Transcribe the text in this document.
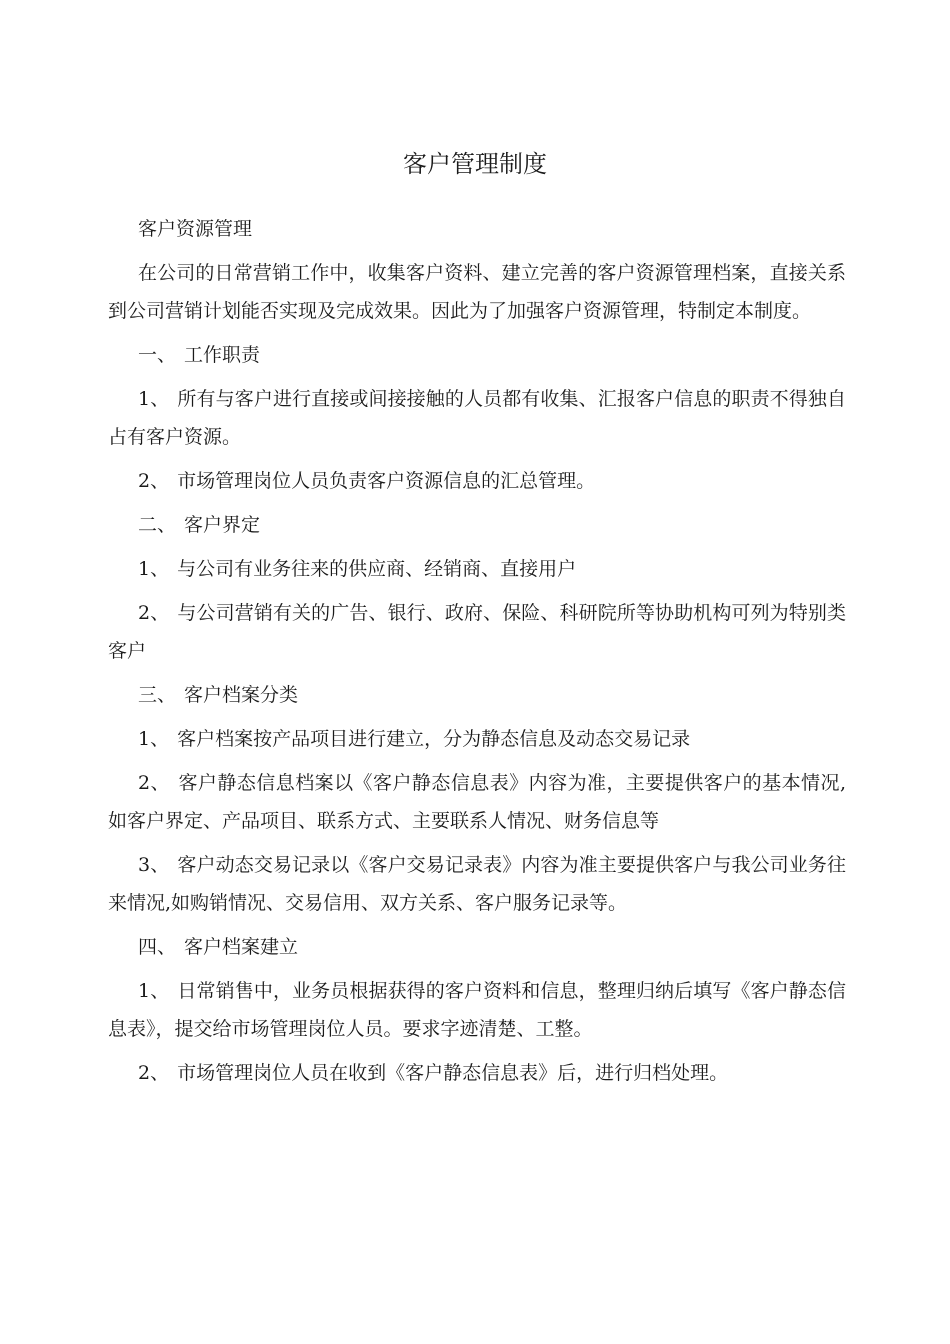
客户管理制度

客户资源管理

在公司的日常营销工作中，收集客户资料、建立完善的客户资源管理档案，直接关系到公司营销计划能否实现及完成效果。因此为了加强客户资源管理，特制定本制度。

一、 工作职责

1、 所有与客户进行直接或间接接触的人员都有收集、汇报客户信息的职责不得独自占有客户资源。

2、 市场管理岗位人员负责客户资源信息的汇总管理。

二、 客户界定

1、 与公司有业务往来的供应商、经销商、直接用户

2、 与公司营销有关的广告、银行、政府、保险、科研院所等协助机构可列为特别类客户

三、 客户档案分类

1、 客户档案按产品项目进行建立，分为静态信息及动态交易记录

2、 客户静态信息档案以《客户静态信息表》内容为准，主要提供客户的基本情况,如客户界定、产品项目、联系方式、主要联系人情况、财务信息等

3、 客户动态交易记录以《客户交易记录表》内容为准主要提供客户与我公司业务往来情况,如购销情况、交易信用、双方关系、客户服务记录等。

四、 客户档案建立

1、 日常销售中，业务员根据获得的客户资料和信息，整理归纳后填写《客户静态信息表》，提交给市场管理岗位人员。要求字迹清楚、工整。

2、 市场管理岗位人员在收到《客户静态信息表》后，进行归档处理。
